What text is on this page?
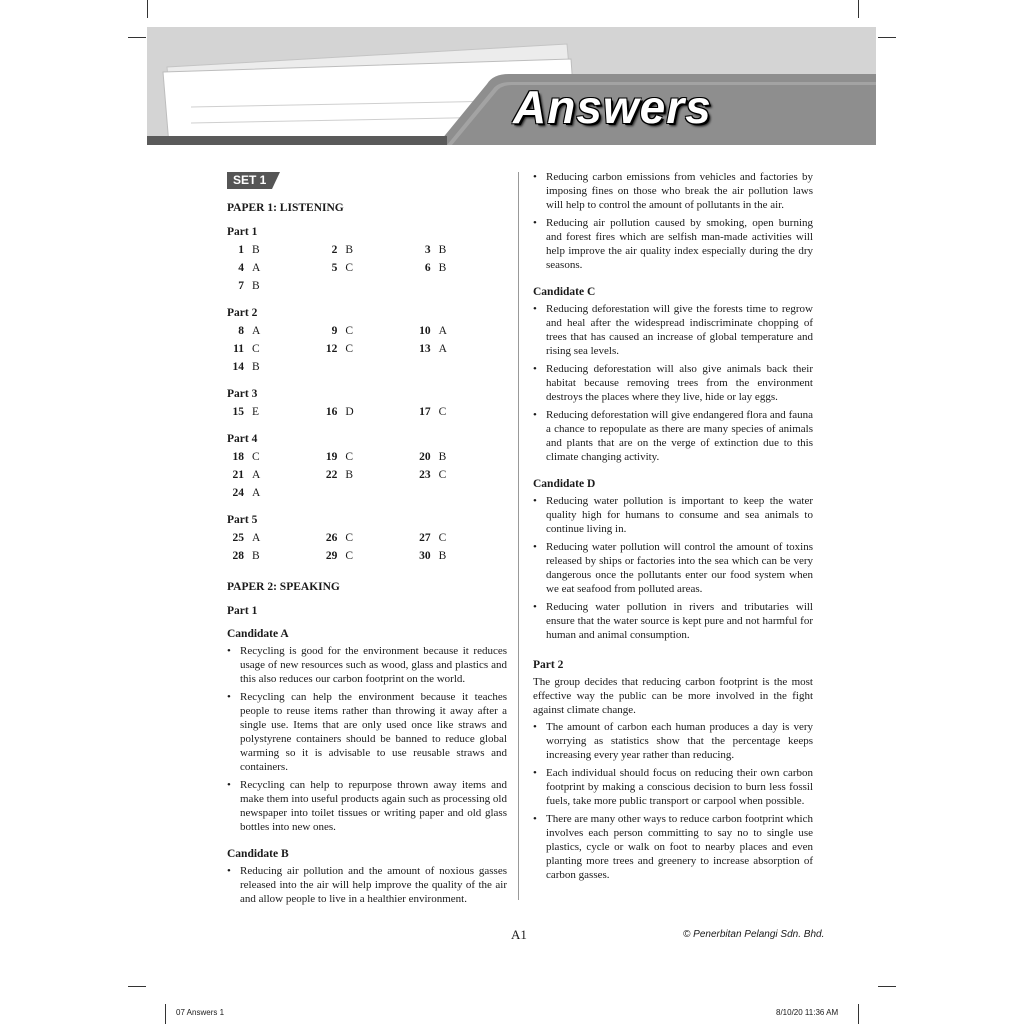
Answers
SET 1
PAPER 1: LISTENING
Part 1
1 B	2 B	3 B
4 A	5 C	6 B
7 B
Part 2
8 A	9 C	10 A
11 C	12 C	13 A
14 B
Part 3
15 E	16 D	17 C
Part 4
18 C	19 C	20 B
21 A	22 B	23 C
24 A
Part 5
25 A	26 C	27 C
28 B	29 C	30 B
PAPER 2: SPEAKING
Part 1
Candidate A
• Recycling is good for the environment because it reduces usage of new resources such as wood, glass and plastics and this also reduces our carbon footprint on the world.
• Recycling can help the environment because it teaches people to reuse items rather than throwing it away after a single use. Items that are only used once like straws and polystyrene containers should be banned to reduce global warming so it is advisable to use reusable straws and containers.
• Recycling can help to repurpose thrown away items and make them into useful products again such as processing old newspaper into toilet tissues or writing paper and old glass bottles into new ones.
Candidate B
• Reducing air pollution and the amount of noxious gasses released into the air will help improve the quality of the air and allow people to live in a healthier environment.
• Reducing carbon emissions from vehicles and factories by imposing fines on those who break the air pollution laws will help to control the amount of pollutants in the air.
• Reducing air pollution caused by smoking, open burning and forest fires which are selfish man-made activities will help improve the air quality index especially during the dry seasons.
Candidate C
• Reducing deforestation will give the forests time to regrow and heal after the widespread indiscriminate chopping of trees that has caused an increase of global temperature and rising sea levels.
• Reducing deforestation will also give animals back their habitat because removing trees from the environment destroys the places where they live, hide or lay eggs.
• Reducing deforestation will give endangered flora and fauna a chance to repopulate as there are many species of animals and plants that are on the verge of extinction due to this climate changing activity.
Candidate D
• Reducing water pollution is important to keep the water quality high for humans to consume and sea animals to continue living in.
• Reducing water pollution will control the amount of toxins released by ships or factories into the sea which can be very dangerous once the pollutants enter our food system when we eat seafood from polluted areas.
• Reducing water pollution in rivers and tributaries will ensure that the water source is kept pure and not harmful for human and animal consumption.
Part 2

The group decides that reducing carbon footprint is the most effective way the public can be more involved in the fight against climate change.

• The amount of carbon each human produces a day is very worrying as statistics show that the percentage keeps increasing every year rather than reducing.
• Each individual should focus on reducing their own carbon footprint by making a conscious decision to burn less fossil fuels, take more public transport or carpool when possible.
• There are many other ways to reduce carbon footprint which involves each person committing to say no to single use plastics, cycle or walk on foot to nearby places and even planting more trees and greenery to increase absorption of carbon gasses.
A1	© Penerbitan Pelangi Sdn. Bhd.
07 Answers 1	8/10/20 11:36 AM
